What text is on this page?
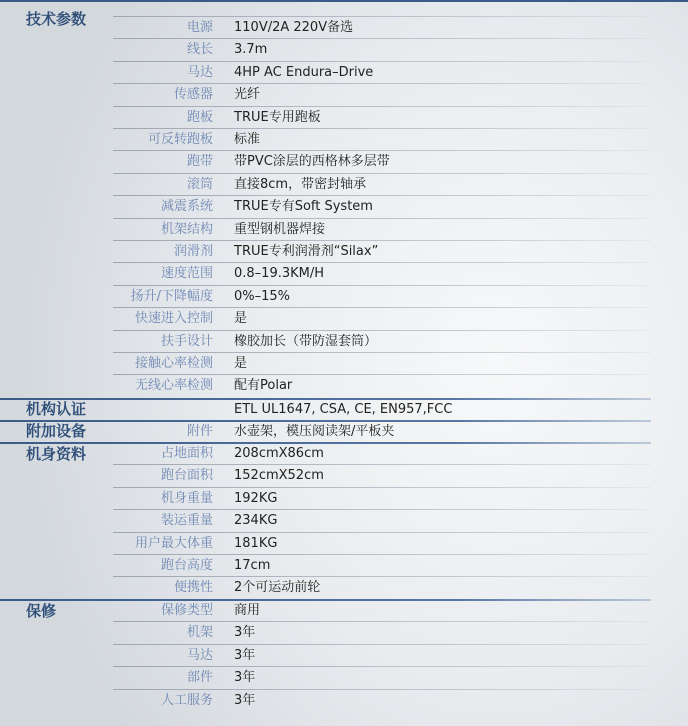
技术参数
机构认证
附加设备
机身资料
保修
电源 110V/2A 220V备选
线长 3.7m
马达 4HP AC Endura–Drive
传感器 光纤
跑板 TRUE专用跑板
可反转跑板 标准
跑带 带PVC涂层的西格林多层带
滚筒 直接8cm，带密封轴承
减震系统 TRUE专有Soft System
机架结构 重型钢机器焊接
润滑剂 TRUE专利润滑剂“Silax”
速度范围 0.8–19.3KM/H
扬升/下降幅度 0%–15%
快速进入控制 是
扶手设计 橡胶加长（带防湿套筒）
接触心率检测 是
无线心率检测 配有Polar
ETL UL1647, CSA, CE, EN957,FCC
附件 水壶架，模压阅读架/平板夹
占地面积 208cmX86cm
跑台面积 152cmX52cm
机身重量 192KG
装运重量 234KG
用户最大体重 181KG
跑台高度 17cm
便携性 2个可运动前轮
保修类型 商用
机架 3年
马达 3年
部件 3年
人工服务 3年
